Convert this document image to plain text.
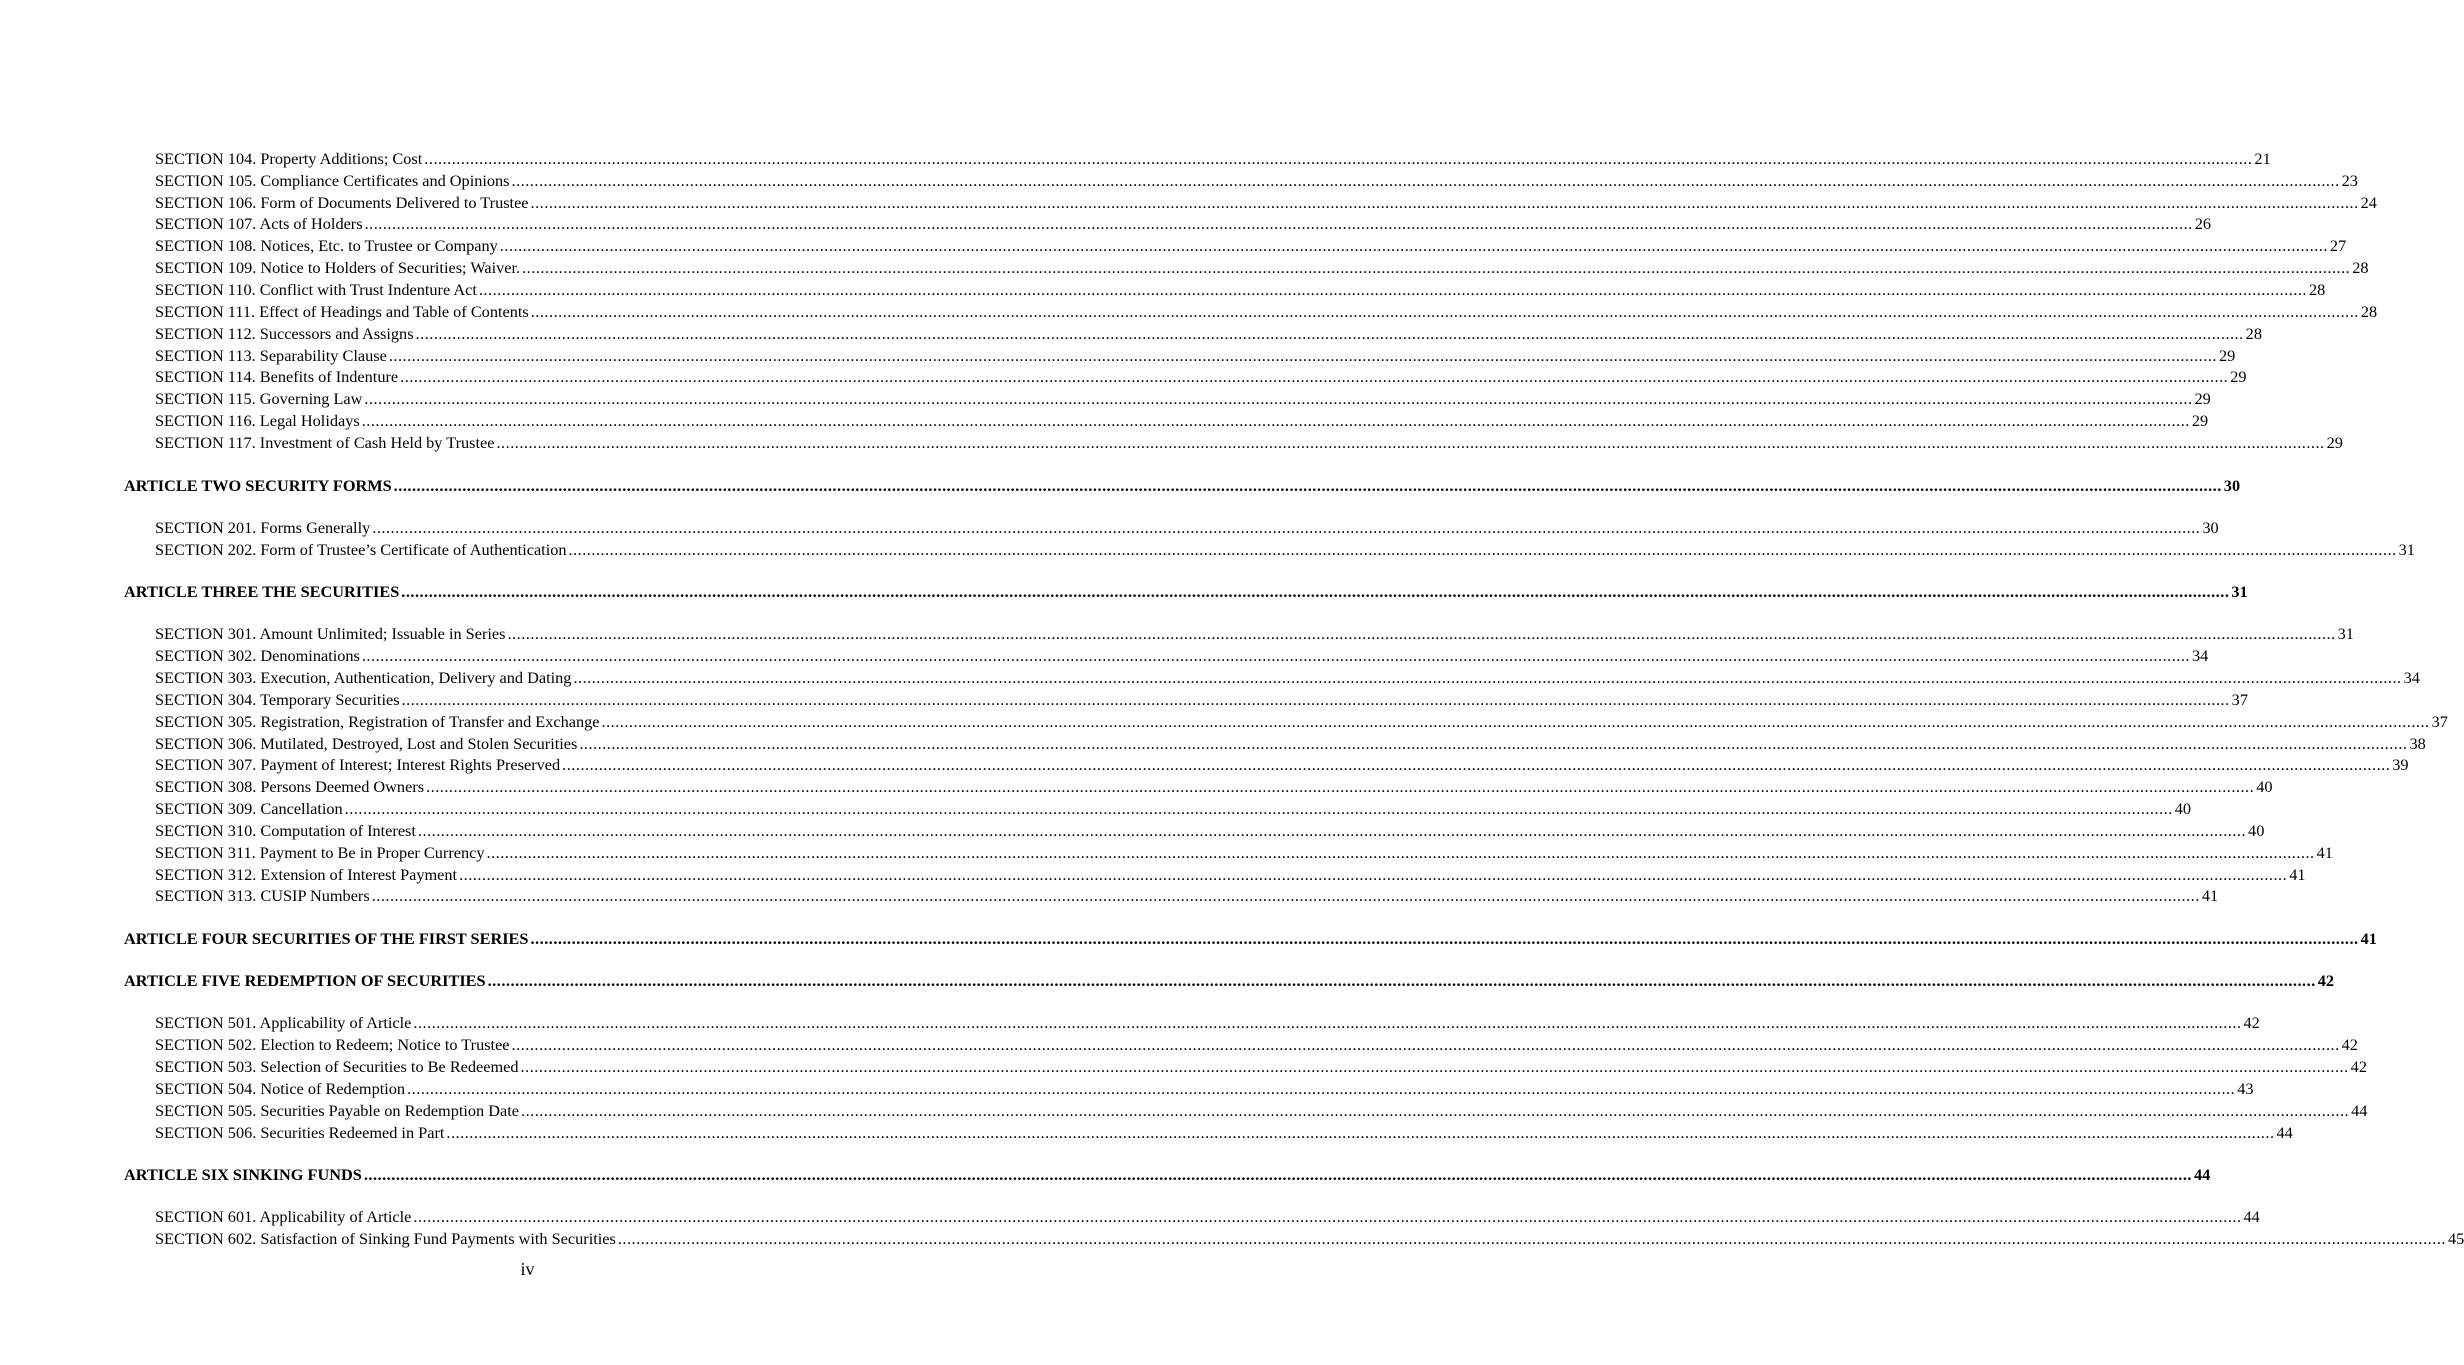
SECTION 104. Property Additions; Cost ................................................................................................................................................................................................................................................................................................................................................................................................................ 21
SECTION 105. Compliance Certificates and Opinions ................................................................................................................................................................................................................................................................................................................................................................................................................ 23
SECTION 106. Form of Documents Delivered to Trustee ................................................................................................................................................................................................................................................................................................................................................................................................................ 24
SECTION 107. Acts of Holders ................................................................................................................................................................................................................................................................................................................................................................................................................ 26
SECTION 108. Notices, Etc. to Trustee or Company ................................................................................................................................................................................................................................................................................................................................................................................................................ 27
SECTION 109. Notice to Holders of Securities; Waiver. ................................................................................................................................................................................................................................................................................................................................................................................................................ 28
SECTION 110. Conflict with Trust Indenture Act ................................................................................................................................................................................................................................................................................................................................................................................................................ 28
SECTION 111. Effect of Headings and Table of Contents ................................................................................................................................................................................................................................................................................................................................................................................................................ 28
SECTION 112. Successors and Assigns ................................................................................................................................................................................................................................................................................................................................................................................................................ 28
SECTION 113. Separability Clause ................................................................................................................................................................................................................................................................................................................................................................................................................ 29
SECTION 114. Benefits of Indenture ................................................................................................................................................................................................................................................................................................................................................................................................................ 29
SECTION 115. Governing Law ................................................................................................................................................................................................................................................................................................................................................................................................................ 29
SECTION 116. Legal Holidays ................................................................................................................................................................................................................................................................................................................................................................................................................ 29
SECTION 117. Investment of Cash Held by Trustee ................................................................................................................................................................................................................................................................................................................................................................................................................ 29
ARTICLE TWO SECURITY FORMS ................................................................................................................................................................................................................................................................................................................................................................................................................ 30
SECTION 201. Forms Generally ................................................................................................................................................................................................................................................................................................................................................................................................................ 30
SECTION 202. Form of Trustee’s Certificate of Authentication ................................................................................................................................................................................................................................................................................................................................................................................................................ 31
ARTICLE THREE THE SECURITIES ................................................................................................................................................................................................................................................................................................................................................................................................................ 31
SECTION 301. Amount Unlimited; Issuable in Series ................................................................................................................................................................................................................................................................................................................................................................................................................ 31
SECTION 302. Denominations ................................................................................................................................................................................................................................................................................................................................................................................................................ 34
SECTION 303. Execution, Authentication, Delivery and Dating ................................................................................................................................................................................................................................................................................................................................................................................................................ 34
SECTION 304. Temporary Securities ................................................................................................................................................................................................................................................................................................................................................................................................................ 37
SECTION 305. Registration, Registration of Transfer and Exchange ................................................................................................................................................................................................................................................................................................................................................................................................................ 37
SECTION 306. Mutilated, Destroyed, Lost and Stolen Securities ................................................................................................................................................................................................................................................................................................................................................................................................................ 38
SECTION 307. Payment of Interest; Interest Rights Preserved ................................................................................................................................................................................................................................................................................................................................................................................................................ 39
SECTION 308. Persons Deemed Owners ................................................................................................................................................................................................................................................................................................................................................................................................................ 40
SECTION 309. Cancellation ................................................................................................................................................................................................................................................................................................................................................................................................................ 40
SECTION 310. Computation of Interest ................................................................................................................................................................................................................................................................................................................................................................................................................ 40
SECTION 311. Payment to Be in Proper Currency ................................................................................................................................................................................................................................................................................................................................................................................................................ 41
SECTION 312. Extension of Interest Payment ................................................................................................................................................................................................................................................................................................................................................................................................................ 41
SECTION 313. CUSIP Numbers ................................................................................................................................................................................................................................................................................................................................................................................................................ 41
ARTICLE FOUR SECURITIES OF THE FIRST SERIES ................................................................................................................................................................................................................................................................................................................................................................................................................ 41
ARTICLE FIVE REDEMPTION OF SECURITIES ................................................................................................................................................................................................................................................................................................................................................................................................................ 42
SECTION 501. Applicability of Article ................................................................................................................................................................................................................................................................................................................................................................................................................ 42
SECTION 502. Election to Redeem; Notice to Trustee ................................................................................................................................................................................................................................................................................................................................................................................................................ 42
SECTION 503. Selection of Securities to Be Redeemed ................................................................................................................................................................................................................................................................................................................................................................................................................ 42
SECTION 504. Notice of Redemption ................................................................................................................................................................................................................................................................................................................................................................................................................ 43
SECTION 505. Securities Payable on Redemption Date ................................................................................................................................................................................................................................................................................................................................................................................................................ 44
SECTION 506. Securities Redeemed in Part ................................................................................................................................................................................................................................................................................................................................................................................................................ 44
ARTICLE SIX SINKING FUNDS ................................................................................................................................................................................................................................................................................................................................................................................................................ 44
SECTION 601. Applicability of Article ................................................................................................................................................................................................................................................................................................................................................................................................................ 44
SECTION 602. Satisfaction of Sinking Fund Payments with Securities ................................................................................................................................................................................................................................................................................................................................................................................................................ 45
iv
